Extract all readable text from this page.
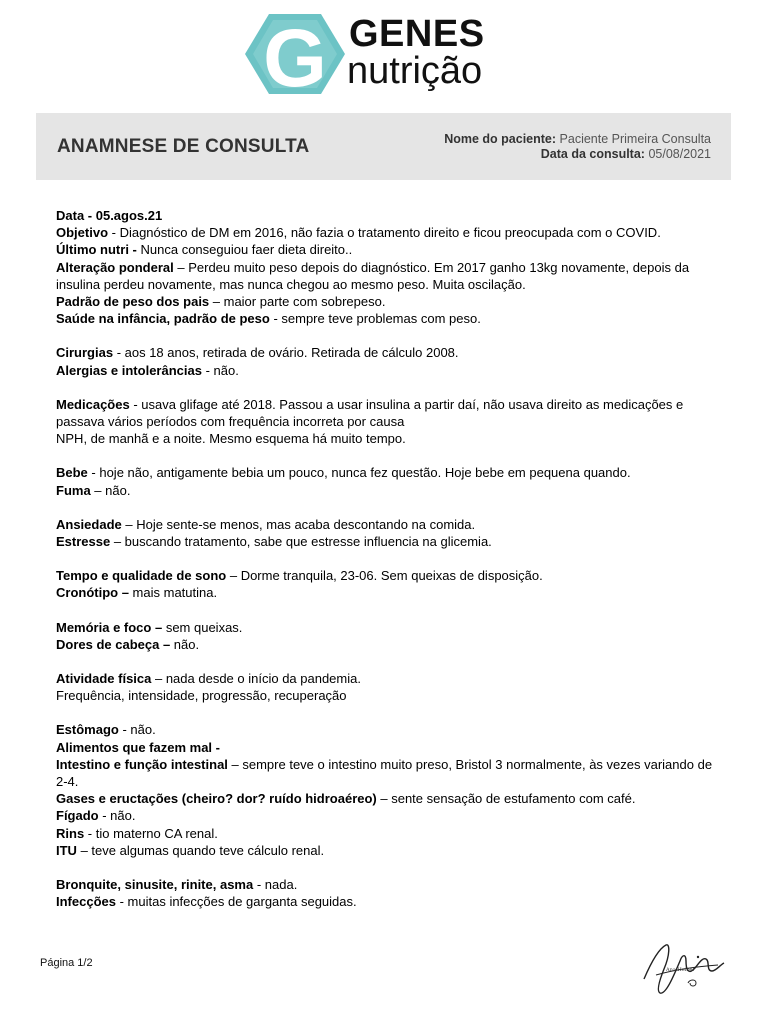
G GENES
nutrição
ANAMNESE DE CONSULTA	Nome do paciente: Paciente Primeira Consulta
Data da consulta: 05/08/2021

Data - 05.agos.21

Objetivo - Diagnóstico de DM em 2016, não fazia o tratamento direito e ficou preocupada com o COVID.

Último nutri - Nunca conseguiou faer dieta direito..

Alteração ponderal – Perdeu muito peso depois do diagnóstico. Em 2017 ganho 13kg novamente, depois da insulina perdeu novamente, mas nunca chegou ao mesmo peso. Muita oscilação.

Padrão de peso dos pais – maior parte com sobrepeso.

Saúde na infância, padrão de peso - sempre teve problemas com peso.

Cirurgias - aos 18 anos, retirada de ovário. Retirada de cálculo 2008.

Alergias e intolerâncias - não.

Medicações - usava glifage até 2018. Passou a usar insulina a partir daí, não usava direito as medicações e passava vários períodos com frequência incorreta por causa

NPH, de manhã e a noite. Mesmo esquema há muito tempo.

Bebe - hoje não, antigamente bebia um pouco, nunca fez questão. Hoje bebe em pequena quando.

Fuma – não.

Ansiedade – Hoje sente-se menos, mas acaba descontando na comida.

Estresse – buscando tratamento, sabe que estresse influencia na glicemia.

Tempo e qualidade de sono – Dorme tranquila, 23-06. Sem queixas de disposição.

Cronótipo – mais matutina.

Memória e foco – sem queixas.

Dores de cabeça – não.

Atividade física – nada desde o início da pandemia.

Frequência, intensidade, progressão, recuperação

Estômago - não.

Alimentos que fazem mal -

Intestino e função intestinal – sempre teve o intestino muito preso, Bristol 3 normalmente, às vezes variando de 2-4.

Gases e eructações (cheiro? dor? ruído hidroaéreo) – sente sensação de estufamento com café.

Fígado - não.

Rins - tio materno CA renal.

ITU – teve algumas quando teve cálculo renal.

Bronquite, sinusite, rinite, asma - nada.

Infecções - muitas infecções de garganta seguidas.

Página 1/2
Ana Heibel
